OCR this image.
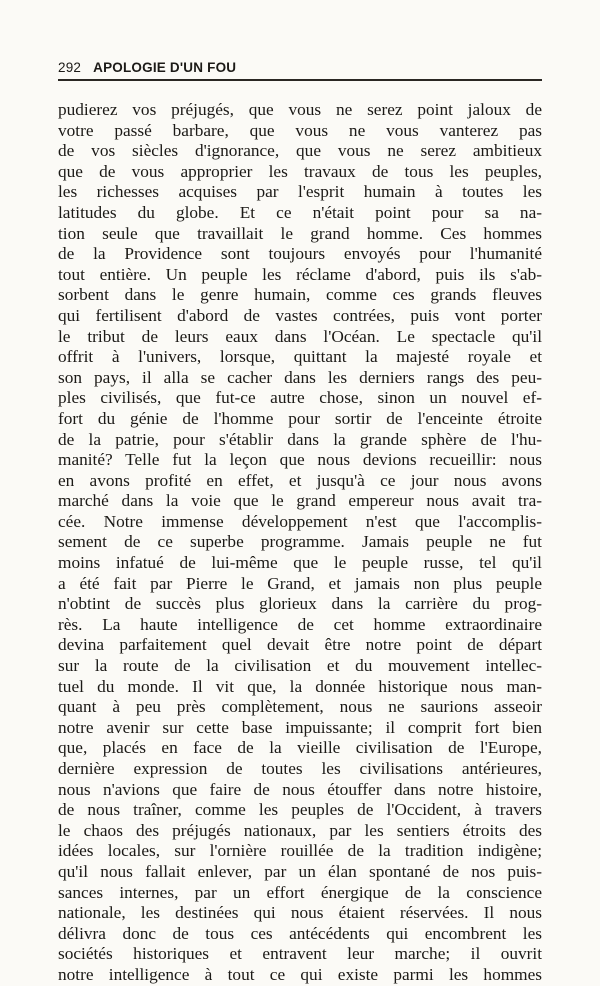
292 APOLOGIE D'UN FOU
pudierez vos préjugés, que vous ne serez point jaloux de
votre passé barbare, que vous ne vous vanterez pas
de vos siècles d'ignorance, que vous ne serez ambitieux
que de vous approprier les travaux de tous les peuples,
les richesses acquises par l'esprit humain à toutes les
latitudes du globe. Et ce n'était point pour sa na-
tion seule que travaillait le grand homme. Ces hommes
de la Providence sont toujours envoyés pour l'humanité
tout entière. Un peuple les réclame d'abord, puis ils s'ab-
sorbent dans le genre humain, comme ces grands fleuves
qui fertilisent d'abord de vastes contrées, puis vont porter
le tribut de leurs eaux dans l'Océan. Le spectacle qu'il
offrit à l'univers, lorsque, quittant la majesté royale et
son pays, il alla se cacher dans les derniers rangs des peu-
ples civilisés, que fut-ce autre chose, sinon un nouvel ef-
fort du génie de l'homme pour sortir de l'enceinte étroite
de la patrie, pour s'établir dans la grande sphère de l'hu-
manité? Telle fut la leçon que nous devions recueillir: nous
en avons profité en effet, et jusqu'à ce jour nous avons
marché dans la voie que le grand empereur nous avait tra-
cée. Notre immense développement n'est que l'accomplis-
sement de ce superbe programme. Jamais peuple ne fut
moins infatué de lui-même que le peuple russe, tel qu'il
a été fait par Pierre le Grand, et jamais non plus peuple
n'obtint de succès plus glorieux dans la carrière du prog-
rès. La haute intelligence de cet homme extraordinaire
devina parfaitement quel devait être notre point de départ
sur la route de la civilisation et du mouvement intellec-
tuel du monde. Il vit que, la donnée historique nous man-
quant à peu près complètement, nous ne saurions asseoir
notre avenir sur cette base impuissante; il comprit fort bien
que, placés en face de la vieille civilisation de l'Europe,
dernière expression de toutes les civilisations antérieures,
nous n'avions que faire de nous étouffer dans notre histoire,
de nous traîner, comme les peuples de l'Occident, à travers
le chaos des préjugés nationaux, par les sentiers étroits des
idées locales, sur l'ornière rouillée de la tradition indigène;
qu'il nous fallait enlever, par un élan spontané de nos puis-
sances internes, par un effort énergique de la conscience
nationale, les destinées qui nous étaient réservées. Il nous
délivra donc de tous ces antécédents qui encombrent les
sociétés historiques et entravent leur marche; il ouvrit
notre intelligence à tout ce qui existe parmi les hommes
